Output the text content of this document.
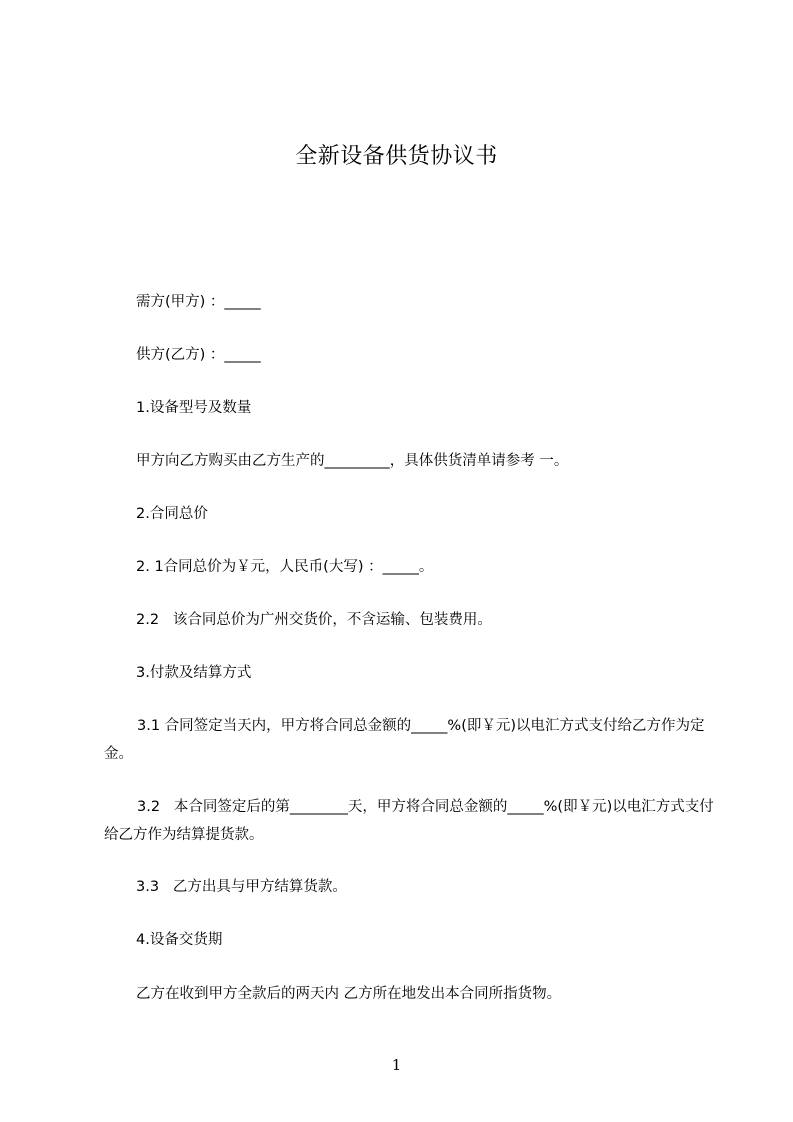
全新设备供货协议书
需方(甲方) ：_____
供方(乙方) ：_____
1.设备型号及数量
甲方向乙方购买由乙方生产的_________，具体供货清单请参考 一。
2.合同总价
2. 1合同总价为￥元，人民币(大写) ：_____。
2.2   该合同总价为广州交货价，不含运输、包装费用。
3.付款及结算方式
3.1 合同签定当天内，甲方将合同总金额的_____%(即￥元)以电汇方式支付给乙方作为定金。
3.2   本合同签定后的第________天，甲方将合同总金额的_____%(即￥元)以电汇方式支付给乙方作为结算提货款。
3.3   乙方出具与甲方结算货款。
4.设备交货期
乙方在收到甲方全款后的两天内 乙方所在地发出本合同所指货物。
1
